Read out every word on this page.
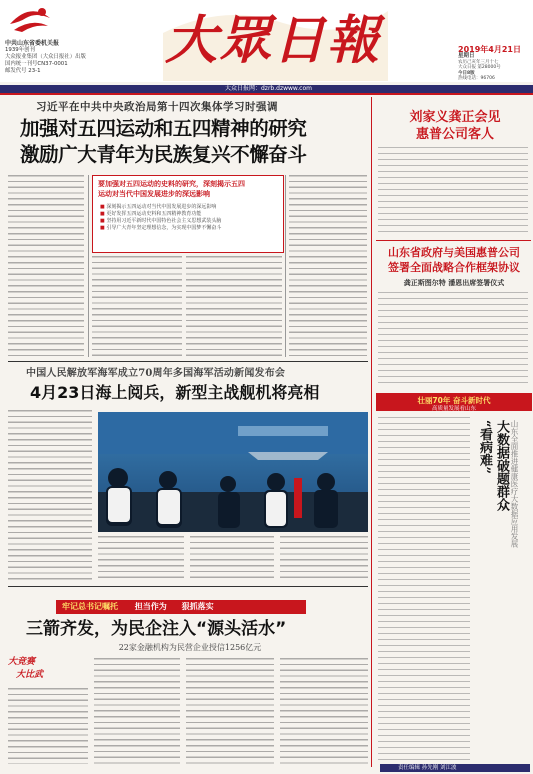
中共山东省委机关报
1939年创刊
大众报业集团（大众日报社）出版
国内统一刊号CN37-0001
邮发代号 23-1	大眾日報	2019年4月21日
星期日
农历己亥年三月十七
大众日报 第28000号
今日8版
热线电话：96706
大众日报网：dzrb.dzwww.com
习近平在中共中央政治局第十四次集体学习时强调
加强对五四运动和五四精神的研究
激励广大青年为民族复兴不懈奋斗
要加强对五四运动的史料的研究，深刻揭示五四
运动对当代中国发展进步的深远影响
■ 深刻揭示五四运动对当代中国发展进步的深远影响
■ 更好发挥五四运动史料和五四精神教育功能
■ 坚持用习近平新时代中国特色社会主义思想武装头脑
■ 引导广大青年坚定理想信念，为实现中国梦不懈奋斗
刘家义龚正会见
惠普公司客人
山东省政府与美国惠普公司
签署全面战略合作框架协议
龚正斯图尔特 潘恩出席签署仪式
壮丽70年 奋斗新时代
高质量发展看山东
山东全面推进健康医疗大数据应用发展
大数据破题群众
“看病难”
中国人民解放军海军成立70周年多国海军活动新闻发布会
4月23日海上阅兵，新型主战舰机将亮相
牢记总书记嘱托 担当作为 狠抓落实
三箭齐发，为民企注入“源头活水”
22家金融机构为民营企业授信1256亿元
大竞赛
大比武
责任编辑 孙先刚 刘江波
